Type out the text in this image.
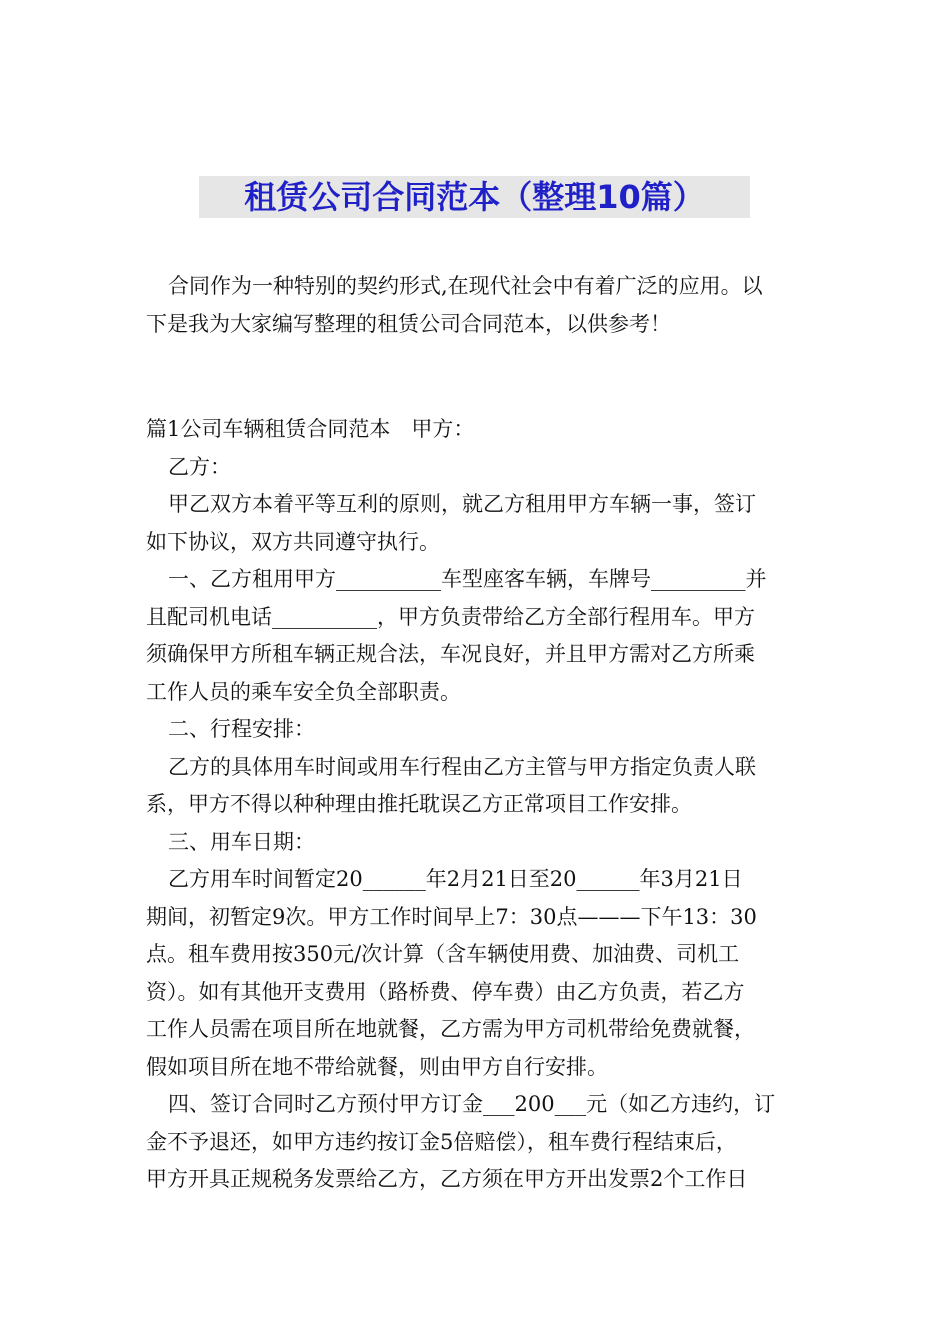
租赁公司合同范本（整理10篇）
合同作为一种特别的契约形式,在现代社会中有着广泛的应用。以
下是我为大家编写整理的租赁公司合同范本，以供参考！
篇1公司车辆租赁合同范本　甲方：
乙方：
甲乙双方本着平等互利的原则，就乙方租用甲方车辆一事，签订
如下协议，双方共同遵守执行。
一、乙方租用甲方__________车型座客车辆，车牌号_________并
且配司机电话__________，甲方负责带给乙方全部行程用车。甲方
须确保甲方所租车辆正规合法，车况良好，并且甲方需对乙方所乘
工作人员的乘车安全负全部职责。
二、行程安排：
乙方的具体用车时间或用车行程由乙方主管与甲方指定负责人联
系，甲方不得以种种理由推托耽误乙方正常项目工作安排。
三、用车日期：
乙方用车时间暂定20______年2月21日至20______年3月21日
期间，初暂定9次。甲方工作时间早上7：30点———下午13：30
点。租车费用按350元/次计算（含车辆使用费、加油费、司机工
资）。如有其他开支费用（路桥费、停车费）由乙方负责，若乙方
工作人员需在项目所在地就餐，乙方需为甲方司机带给免费就餐，
假如项目所在地不带给就餐，则由甲方自行安排。
四、签订合同时乙方预付甲方订金___200___元（如乙方违约，订
金不予退还，如甲方违约按订金5倍赔偿），租车费行程结束后，
甲方开具正规税务发票给乙方，乙方须在甲方开出发票2个工作日
